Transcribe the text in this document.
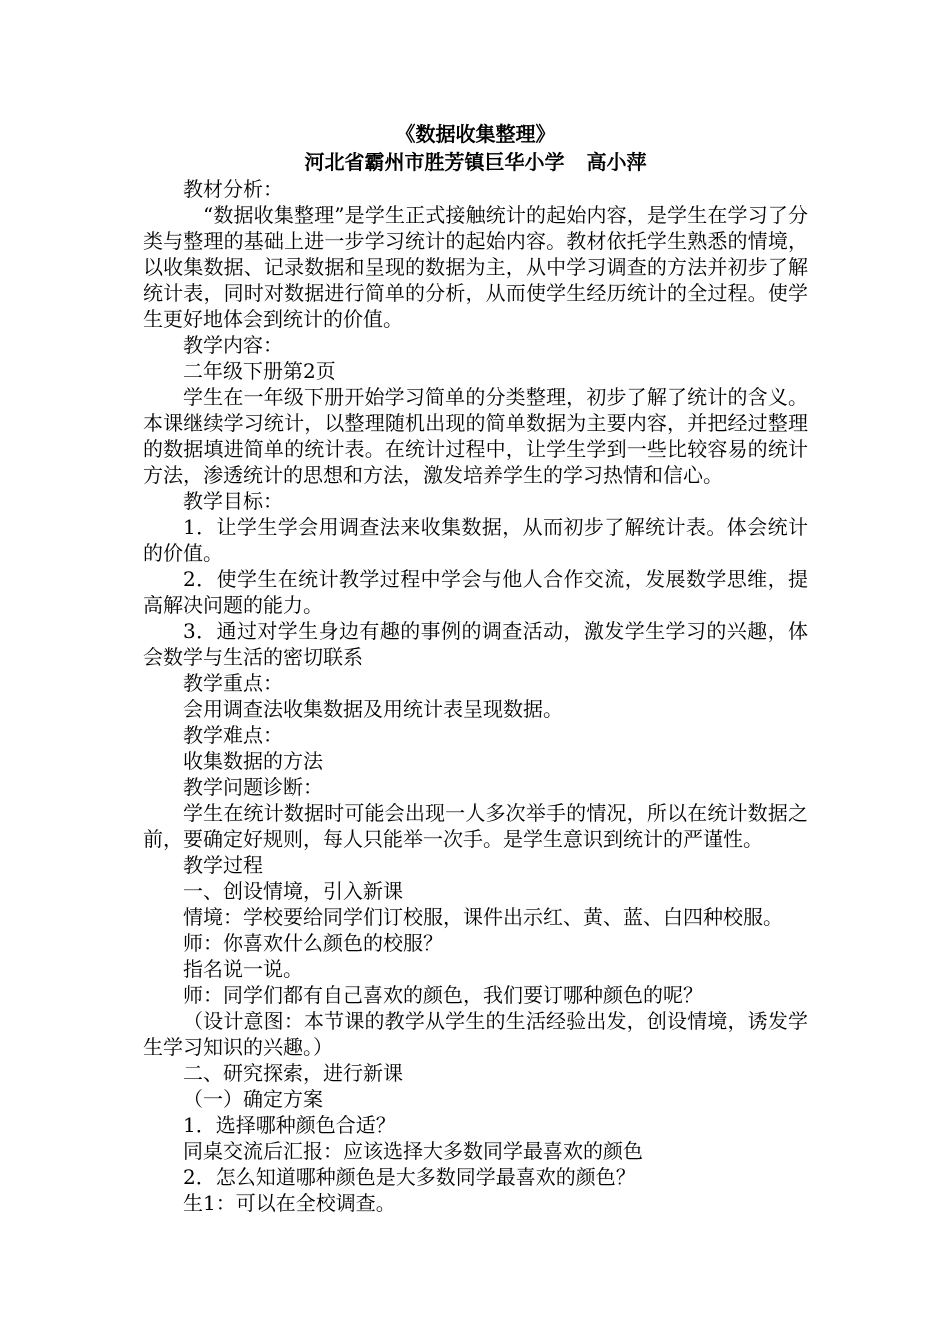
《数据收集整理》
河北省霸州市胜芳镇巨华小学 高小萍

教材分析：

“数据收集整理”是学生正式接触统计的起始内容，是学生在学习了分类与整理的基础上进一步学习统计的起始内容。教材依托学生熟悉的情境，以收集数据、记录数据和呈现的数据为主，从中学习调查的方法并初步了解统计表，同时对数据进行简单的分析，从而使学生经历统计的全过程。使学生更好地体会到统计的价值。

教学内容：

二年级下册第2页

学生在一年级下册开始学习简单的分类整理，初步了解了统计的含义。本课继续学习统计，以整理随机出现的简单数据为主要内容，并把经过整理的数据填进简单的统计表。在统计过程中，让学生学到一些比较容易的统计方法，渗透统计的思想和方法，激发培养学生的学习热情和信心。

教学目标：

1．让学生学会用调查法来收集数据，从而初步了解统计表。体会统计的价值。

2．使学生在统计教学过程中学会与他人合作交流，发展数学思维，提高解决问题的能力。

3．通过对学生身边有趣的事例的调查活动，激发学生学习的兴趣，体会数学与生活的密切联系

教学重点：

会用调查法收集数据及用统计表呈现数据。

教学难点：

收集数据的方法

教学问题诊断：

学生在统计数据时可能会出现一人多次举手的情况，所以在统计数据之前，要确定好规则，每人只能举一次手。是学生意识到统计的严谨性。

教学过程

一、创设情境，引入新课

情境：学校要给同学们订校服，课件出示红、黄、蓝、白四种校服。

师：你喜欢什么颜色的校服？

指名说一说。

师：同学们都有自己喜欢的颜色，我们要订哪种颜色的呢？

（设计意图：本节课的教学从学生的生活经验出发，创设情境，诱发学生学习知识的兴趣。）

二、研究探索，进行新课

（一）确定方案

1．选择哪种颜色合适？

同桌交流后汇报：应该选择大多数同学最喜欢的颜色

2．怎么知道哪种颜色是大多数同学最喜欢的颜色？

生1：可以在全校调查。
